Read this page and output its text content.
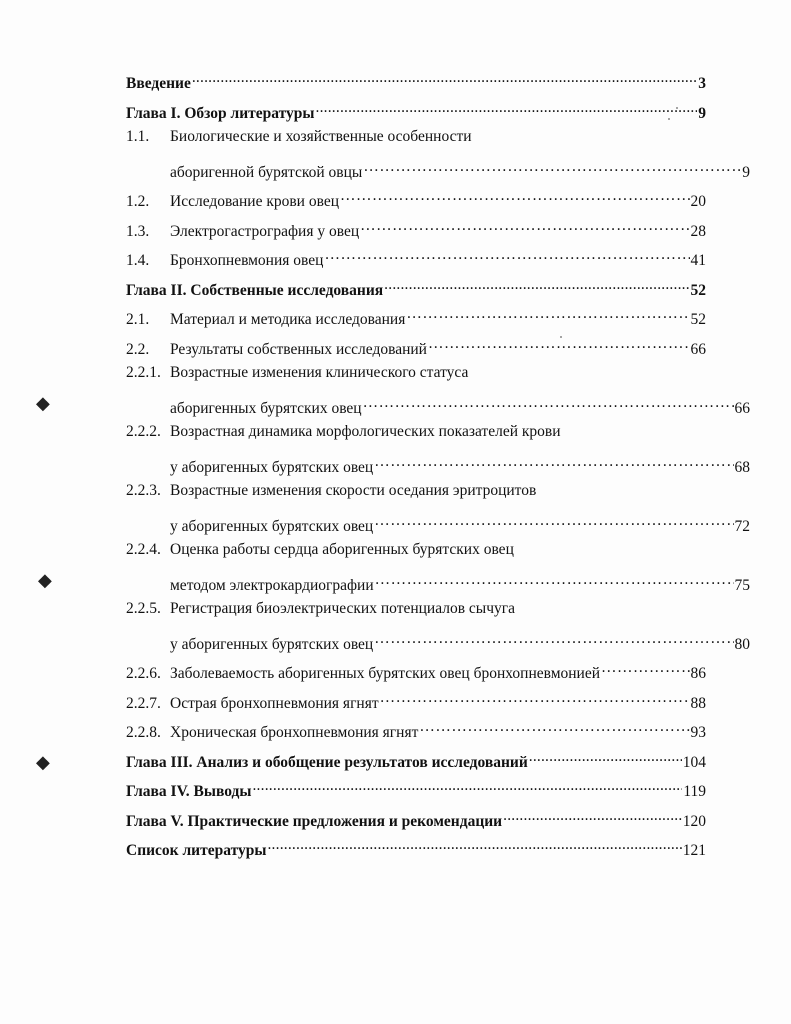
◆
◆
◆
Введение .....	3
Глава I. Обзор литературы .....	9
1.1.	Биологические и хозяйственные особенности
аборигенной бурятской овцы ……………………………………………………………………………………………………………………………………………………………………………………	9
1.2.	Исследование крови овец ……………………………………………………………………………………………………………………………………………………………………………………	20
1.3.	Электрогастрография у овец ……………………………………………………………………………………………………………………………………………………………………………………	28
1.4.	Бронхопневмония овец ……………………………………………………………………………………………………………………………………………………………………………………	41
Глава II. Собственные исследования .....	52
2.1.	Материал и методика исследования ……………………………………………………………………………………………………………………………………………………………………………………	52
2.2.	Результаты собственных исследований ……………………………………………………………………………………………………………………………………………………………………………………	66
2.2.1. Возрастные изменения клинического статуса
аборигенных бурятских овец ……………………………………………………………………………………………………………………………………………………………………………………	66
2.2.2. Возрастная динамика морфологических показателей крови
у аборигенных бурятских овец ……………………………………………………………………………………………………………………………………………………………………………………	68
2.2.3. Возрастные изменения скорости оседания эритроцитов
у аборигенных бурятских овец ……………………………………………………………………………………………………………………………………………………………………………………	72
2.2.4. Оценка работы сердца аборигенных бурятских овец
методом электрокардиографии ……………………………………………………………………………………………………………………………………………………………………………………	75
2.2.5. Регистрация биоэлектрических потенциалов сычуга
у аборигенных бурятских овец ……………………………………………………………………………………………………………………………………………………………………………………	80
2.2.6. Заболеваемость аборигенных бурятских овец бронхопневмонией ……………………………………………………………………………………………………………………………………………………………………………………	86
2.2.7. Острая бронхопневмония ягнят ……………………………………………………………………………………………………………………………………………………………………………………	88
2.2.8. Хроническая бронхопневмония ягнят ……………………………………………………………………………………………………………………………………………………………………………………	93
Глава III. Анализ и обобщение результатов исследований .....	104
Глава IV. Выводы .....	119
Глава V. Практические предложения и рекомендации .....	120
Список литературы .....	121
